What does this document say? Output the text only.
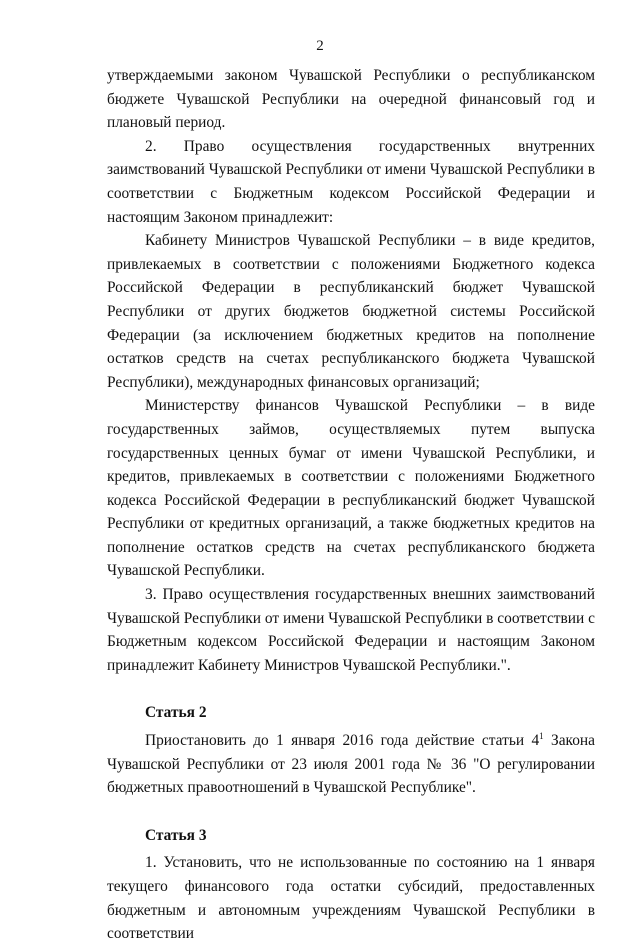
2

утверждаемыми законом Чувашской Республики о республиканском бюджете Чувашской Республики на очередной финансовый год и плановый период.

2. Право осуществления государственных внутренних заимствований Чувашской Республики от имени Чувашской Республики в соответствии с Бюджетным кодексом Российской Федерации и настоящим Законом принадлежит:

Кабинету Министров Чувашской Республики – в виде кредитов, привлекаемых в соответствии с положениями Бюджетного кодекса Российской Федерации в республиканский бюджет Чувашской Республики от других бюджетов бюджетной системы Российской Федерации (за исключением бюджетных кредитов на пополнение остатков средств на счетах республиканского бюджета Чувашской Республики), международных финансовых организаций;

Министерству финансов Чувашской Республики – в виде государственных займов, осуществляемых путем выпуска государственных ценных бумаг от имени Чувашской Республики, и кредитов, привлекаемых в соответствии с положениями Бюджетного кодекса Российской Федерации в республиканский бюджет Чувашской Республики от кредитных организаций, а также бюджетных кредитов на пополнение остатков средств на счетах республиканского бюджета Чувашской Республики.

3. Право осуществления государственных внешних заимствований Чувашской Республики от имени Чувашской Республики в соответствии с Бюджетным кодексом Российской Федерации и настоящим Законом принадлежит Кабинету Министров Чувашской Республики.".

Статья 2

Приостановить до 1 января 2016 года действие статьи $4^1$ Закона Чувашской Республики от 23 июля 2001 года № 36 "О регулировании бюджетных правоотношений в Чувашской Республике".

Статья 3

1. Установить, что не использованные по состоянию на 1 января текущего финансового года остатки субсидий, предоставленных бюджетным и автономным учреждениям Чувашской Республики в соответствии
